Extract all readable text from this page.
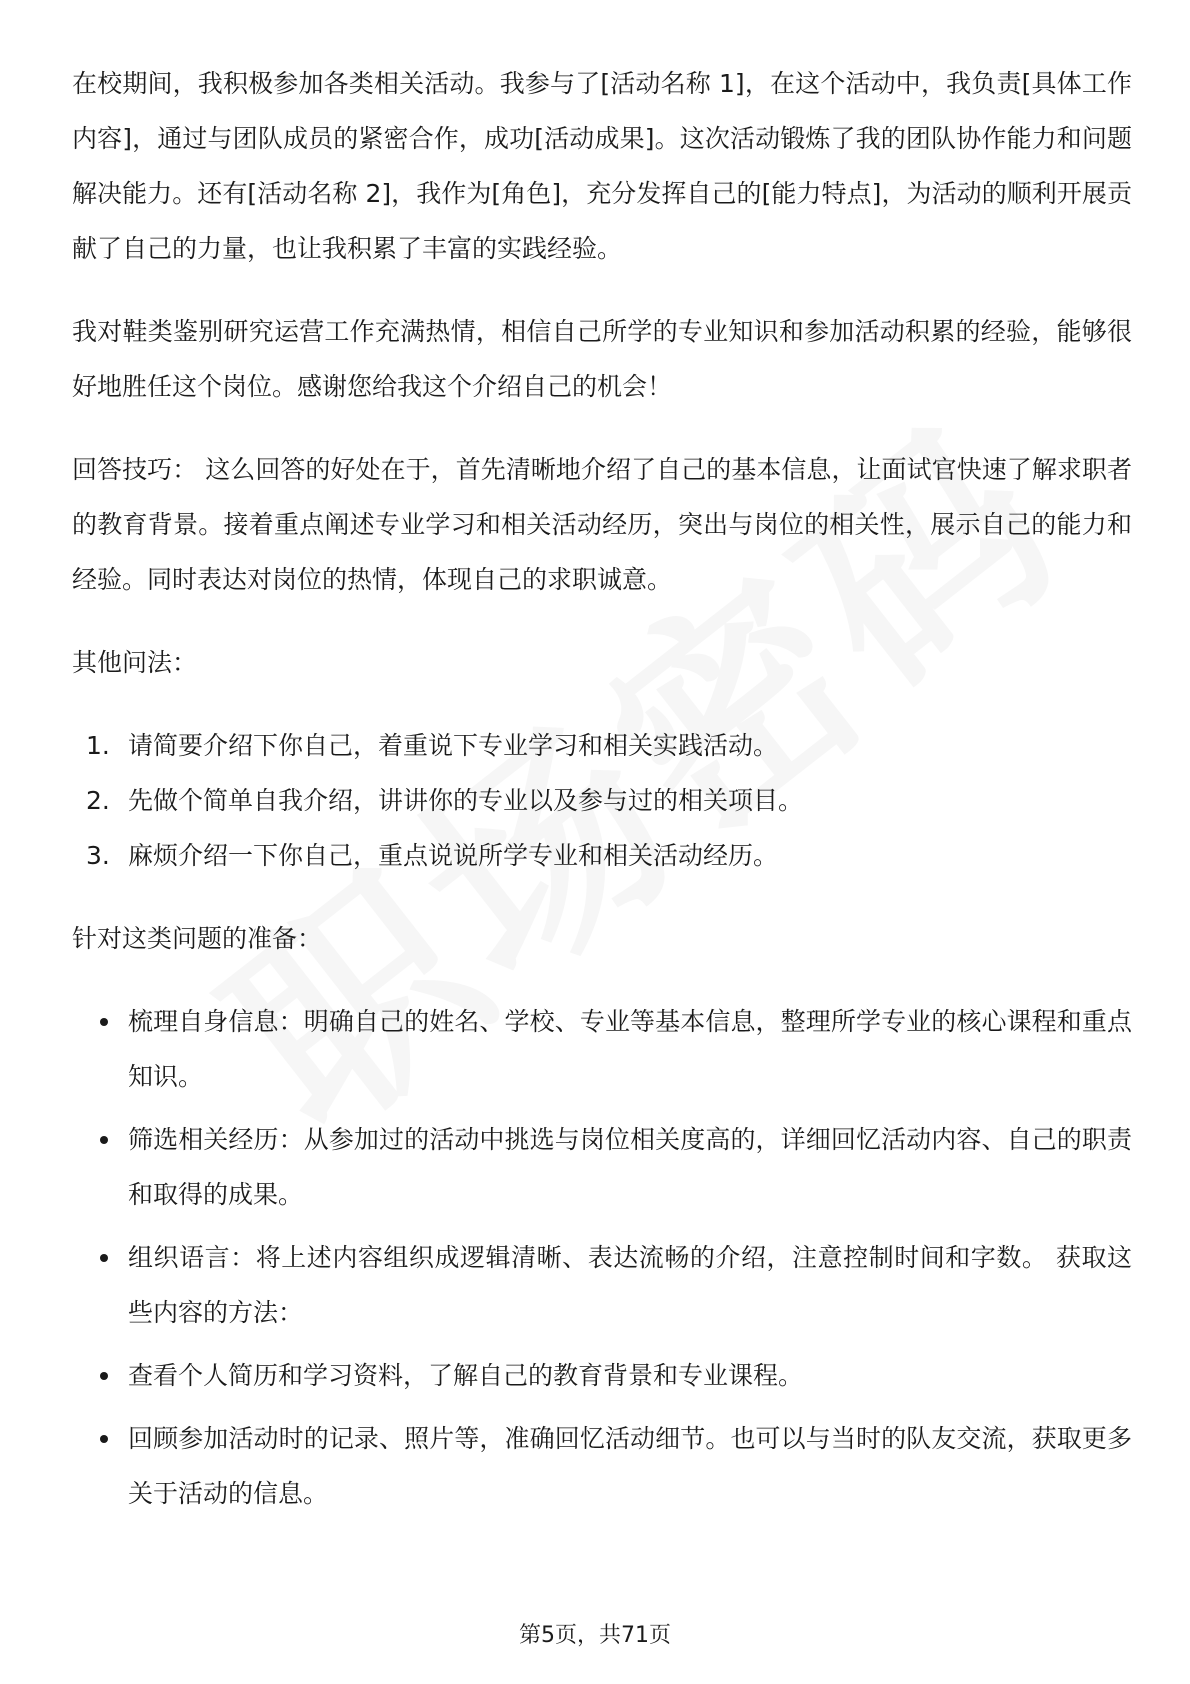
在校期间，我积极参加各类相关活动。我参与了[活动名称 1]，在这个活动中，我负责[具体工作内容]，通过与团队成员的紧密合作，成功[活动成果]。这次活动锻炼了我的团队协作能力和问题解决能力。还有[活动名称 2]，我作为[角色]，充分发挥自己的[能力特点]，为活动的顺利开展贡献了自己的力量，也让我积累了丰富的实践经验。

我对鞋类鉴别研究运营工作充满热情，相信自己所学的专业知识和参加活动积累的经验，能够很好地胜任这个岗位。感谢您给我这个介绍自己的机会！

回答技巧： 这么回答的好处在于，首先清晰地介绍了自己的基本信息，让面试官快速了解求职者的教育背景。接着重点阐述专业学习和相关活动经历，突出与岗位的相关性，展示自己的能力和经验。同时表达对岗位的热情，体现自己的求职诚意。

其他问法：

1. 请简要介绍下你自己，着重说下专业学习和相关实践活动。
2. 先做个简单自我介绍，讲讲你的专业以及参与过的相关项目。
3. 麻烦介绍一下你自己，重点说说所学专业和相关活动经历。

针对这类问题的准备：

梳理自身信息：明确自己的姓名、学校、专业等基本信息，整理所学专业的核心课程和重点知识。
筛选相关经历：从参加过的活动中挑选与岗位相关度高的，详细回忆活动内容、自己的职责和取得的成果。
组织语言：将上述内容组织成逻辑清晰、表达流畅的介绍，注意控制时间和字数。 获取这些内容的方法：
查看个人简历和学习资料，了解自己的教育背景和专业课程。
回顾参加活动时的记录、照片等，准确回忆活动细节。也可以与当时的队友交流，获取更多关于活动的信息。
第5页，共71页
